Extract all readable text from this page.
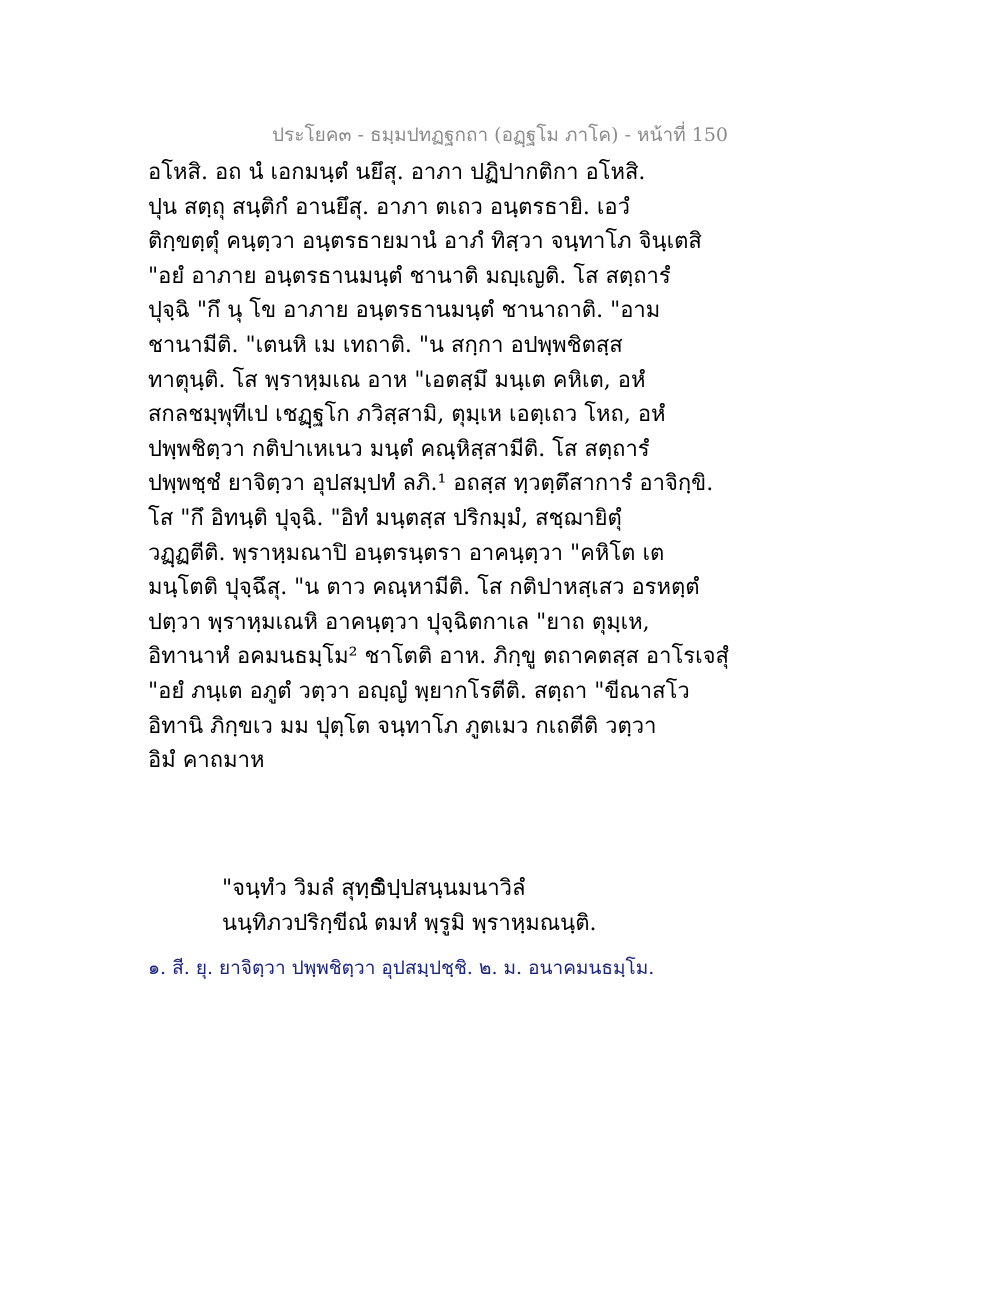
ประโยค๓ - ธมฺมปทฏฐกถา (อฏฺฐโม ภาโค) - หน้าที่ 150
อโหสิ. อถ นํ เอกมนฺตํ นยึสุ. อาภา ปฏิปากติกา อโหสิ.
ปุน สตฺถุ สนฺติกํ อานยึสุ. อาภา ตเถว อนฺตรธายิ. เอวํ
ติกฺขตฺตุํ คนฺตฺวา อนฺตรธายมานํ อาภํ ทิสฺวา จนฺทาโภ จินฺเตสิ
"อยํ อาภาย อนฺตรธานมนฺตํ ชานาติ มญฺเญติ. โส สตฺถารํ
ปุจฺฉิ "กึ นุ โข อาภาย อนฺตรธานมนฺตํ ชานาถาติ. "อาม
ชานามีติ. "เตนหิ เม เทถาติ. "น สกฺกา อปพฺพชิตสฺส
ทาตุนฺติ. โส พฺราหฺมเณ อาห "เอตสฺมึ มนฺเต คหิเต, อหํ
สกลชมฺพุทีเป เชฏฺฐโก ภวิสฺสามิ, ตุมฺเห เอตฺเถว โหถ, อหํ
ปพฺพชิตฺวา กติปาเหเนว มนฺตํ คณฺหิสฺสามีติ. โส สตฺถารํ
ปพฺพชฺชํ ยาจิตฺวา อุปสมฺปทํ ลภิ.¹ อถสฺส ทฺวตฺตึสาการํ อาจิกฺขิ.
โส "กึ อิทนฺติ ปุจฺฉิ. "อิทํ มนฺตสฺส ปริกมฺมํ, สชฺฌายิตุํ
วฏฺฏตีติ. พฺราหฺมณาปิ อนฺตรนฺตรา อาคนฺตฺวา "คหิโต เต
มนฺโตติ ปุจฺฉึสุ. "น ตาว คณฺหามีติ. โส กติปาหสฺเสว อรหตฺตํ
ปตฺวา พฺราหฺมเณหิ อาคนฺตฺวา ปุจฺฉิตกาเล "ยาถ ตุมฺเห,
อิทานาหํ อคมนธมฺโม² ชาโตติ อาห. ภิกฺขู ตถาคตสฺส อาโรเจสุํ
"อยํ ภนฺเต อภูตํ วตฺวา อญฺญํ พฺยากโรตีติ. สตฺถา "ขีณาสโว
อิทานิ ภิกฺขเว มม ปุตฺโต จนฺทาโภ ภูตเมว กเถตีติ วตฺวา
อิมํ คาถมาห
"จนฺทํว วิมลํ สุทฺธํวิปฺปสนฺนมนาวิลํ
นนฺทิภวปริกฺขีณํ ตมหํ พฺรูมิ พฺราหฺมณนฺติ.
๑. สี. ยุ. ยาจิตฺวา ปพฺพชิตฺวา อุปสมฺปชฺชิ. ๒. ม. อนาคมนธมฺโม.
